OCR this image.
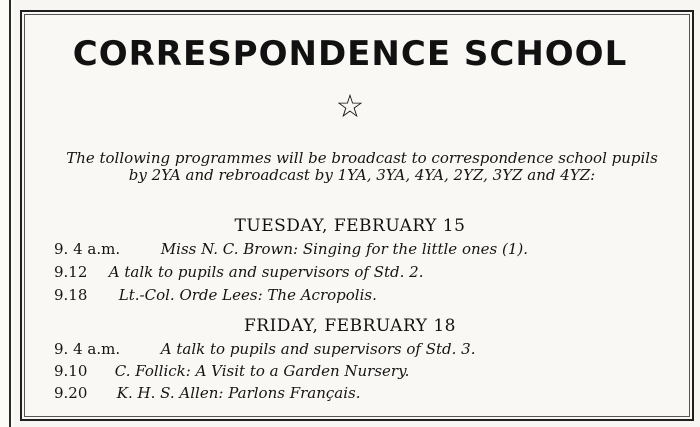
CORRESPONDENCE SCHOOL
☆
The tollowing programmes will be broadcast to correspondence school pupils by 2YA and rebroadcast by 1YA, 3YA, 4YA, 2YZ, 3YZ and 4YZ:
TUESDAY, FEBRUARY 15
9. 4 a.m.	Miss N. C. Brown: Singing for the little ones (1).
9.12 A talk to pupils and supervisors of Std. 2.
9.18 Lt.-Col. Orde Lees: The Acropolis.
FRIDAY, FEBRUARY 18
9. 4 a.m.	A talk to pupils and supervisors of Std. 3.
9.10 C. Follick: A Visit to a Garden Nursery.
9.20 K. H. S. Allen: Parlons Français.
